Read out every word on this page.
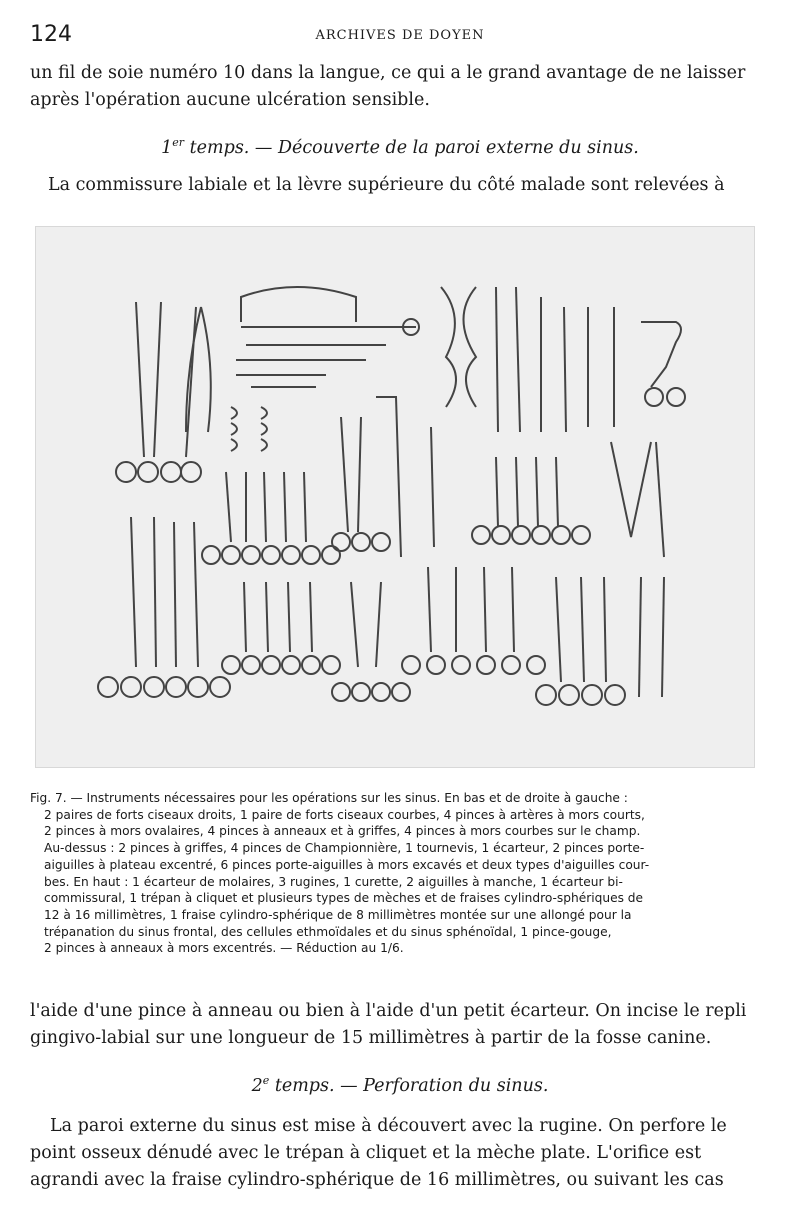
124	ARCHIVES DE DOYEN
un fil de soie numéro 10 dans la langue, ce qui a le grand avantage de ne laisser
après l'opération aucune ulcération sensible.
1er temps. — Découverte de la paroi externe du sinus.
La commissure labiale et la lèvre supérieure du côté malade sont relevées à
Fig. 7. — Instruments nécessaires pour les opérations sur les sinus. En bas et de droite à gauche :
2 paires de forts ciseaux droits, 1 paire de forts ciseaux courbes, 4 pinces à artères à mors courts,
2 pinces à mors ovalaires, 4 pinces à anneaux et à griffes, 4 pinces à mors courbes sur le champ.
Au-dessus : 2 pinces à griffes, 4 pinces de Championnière, 1 tournevis, 1 écarteur, 2 pinces porte-
aiguilles à plateau excentré, 6 pinces porte-aiguilles à mors excavés et deux types d'aiguilles cour-
bes. En haut : 1 écarteur de molaires, 3 rugines, 1 curette, 2 aiguilles à manche, 1 écarteur bi-
commissural, 1 trépan à cliquet et plusieurs types de mèches et de fraises cylindro-sphériques de
12 à 16 millimètres, 1 fraise cylindro-sphérique de 8 millimètres montée sur une allongé pour la
trépanation du sinus frontal, des cellules ethmoïdales et du sinus sphénoïdal, 1 pince-gouge,
2 pinces à anneaux à mors excentrés. — Réduction au 1/6.
l'aide d'une pince à anneau ou bien à l'aide d'un petit écarteur. On incise le repli
gingivo-labial sur une longueur de 15 millimètres à partir de la fosse canine.
2e temps. — Perforation du sinus.
La paroi externe du sinus est mise à découvert avec la rugine. On perfore le
point osseux dénudé avec le trépan à cliquet et la mèche plate. L'orifice est
agrandi avec la fraise cylindro-sphérique de 16 millimètres, ou suivant les cas
